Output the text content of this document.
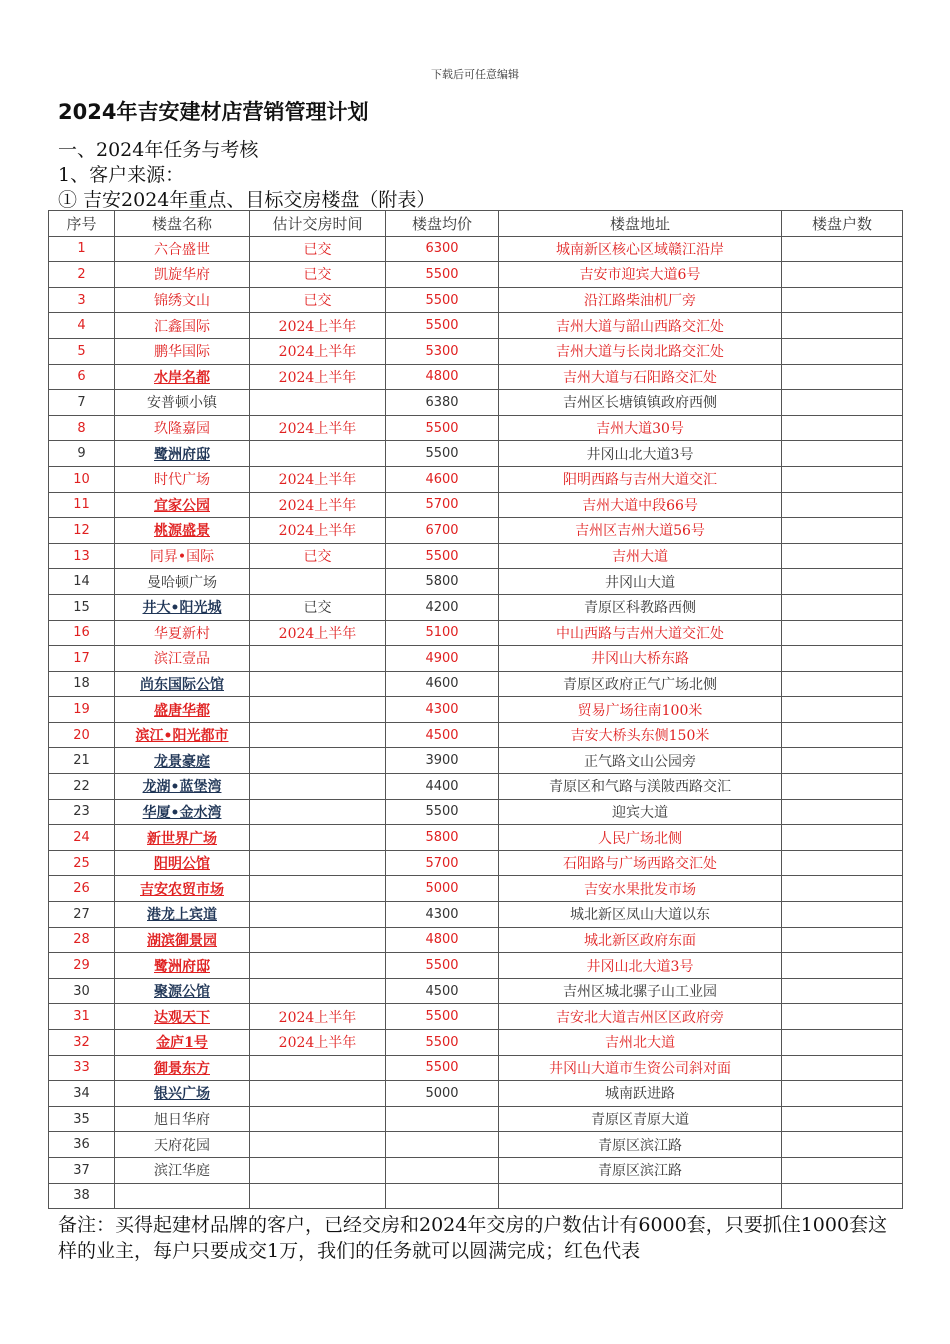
下载后可任意编辑
2024年吉安建材店营销管理计划
一、2024年任务与考核
1、客户来源：
① 吉安2024年重点、目标交房楼盘（附表）
序号	楼盘名称	估计交房时间	楼盘均价	楼盘地址	楼盘户数
1	六合盛世	已交	6300	城南新区核心区域赣江沿岸	
2	凯旋华府	已交	5500	吉安市迎宾大道6号	
3	锦绣文山	已交	5500	沿江路柴油机厂旁	
4	汇鑫国际	2024上半年	5500	吉州大道与韶山西路交汇处	
5	鹏华国际	2024上半年	5300	吉州大道与长岗北路交汇处	
6	水岸名都	2024上半年	4800	吉州大道与石阳路交汇处	
7	安普顿小镇		6380	吉州区长塘镇镇政府西侧	
8	玖隆嘉园	2024上半年	5500	吉州大道30号	
9	鹭洲府邸		5500	井冈山北大道3号	
10	时代广场	2024上半年	4600	阳明西路与吉州大道交汇	
11	宜家公园	2024上半年	5700	吉州大道中段66号	
12	桃源盛景	2024上半年	6700	吉州区吉州大道56号	
13	同昇•国际	已交	5500	吉州大道	
14	曼哈顿广场		5800	井冈山大道	
15	井大•阳光城	已交	4200	青原区科教路西侧	
16	华夏新村	2024上半年	5100	中山西路与吉州大道交汇处	
17	滨江壹品		4900	井冈山大桥东路	
18	尚东国际公馆		4600	青原区政府正气广场北侧	
19	盛唐华都		4300	贸易广场往南100米	
20	滨江•阳光都市		4500	吉安大桥头东侧150米	
21	龙景豪庭		3900	正气路文山公园旁	
22	龙湖•蓝堡湾		4400	青原区和气路与渼陂西路交汇	
23	华厦•金水湾		5500	迎宾大道	
24	新世界广场		5800	人民广场北侧	
25	阳明公馆		5700	石阳路与广场西路交汇处	
26	吉安农贸市场		5000	吉安水果批发市场	
27	港龙上宾道		4300	城北新区凤山大道以东	
28	湖滨御景园		4800	城北新区政府东面	
29	鹭洲府邸		5500	井冈山北大道3号	
30	聚源公馆		4500	吉州区城北骡子山工业园	
31	达观天下	2024上半年	5500	吉安北大道吉州区区政府旁	
32	金庐1号	2024上半年	5500	吉州北大道	
33	御景东方		5500	井冈山大道市生资公司斜对面	
34	银兴广场		5000	城南跃进路	
35	旭日华府			青原区青原大道	
36	天府花园			青原区滨江路	
37	滨江华庭			青原区滨江路	
38					
备注：买得起建材品牌的客户，已经交房和2024年交房的户数估计有6000套，只要抓住1000套这样的业主，每户只要成交1万，我们的任务就可以圆满完成；红色代表
